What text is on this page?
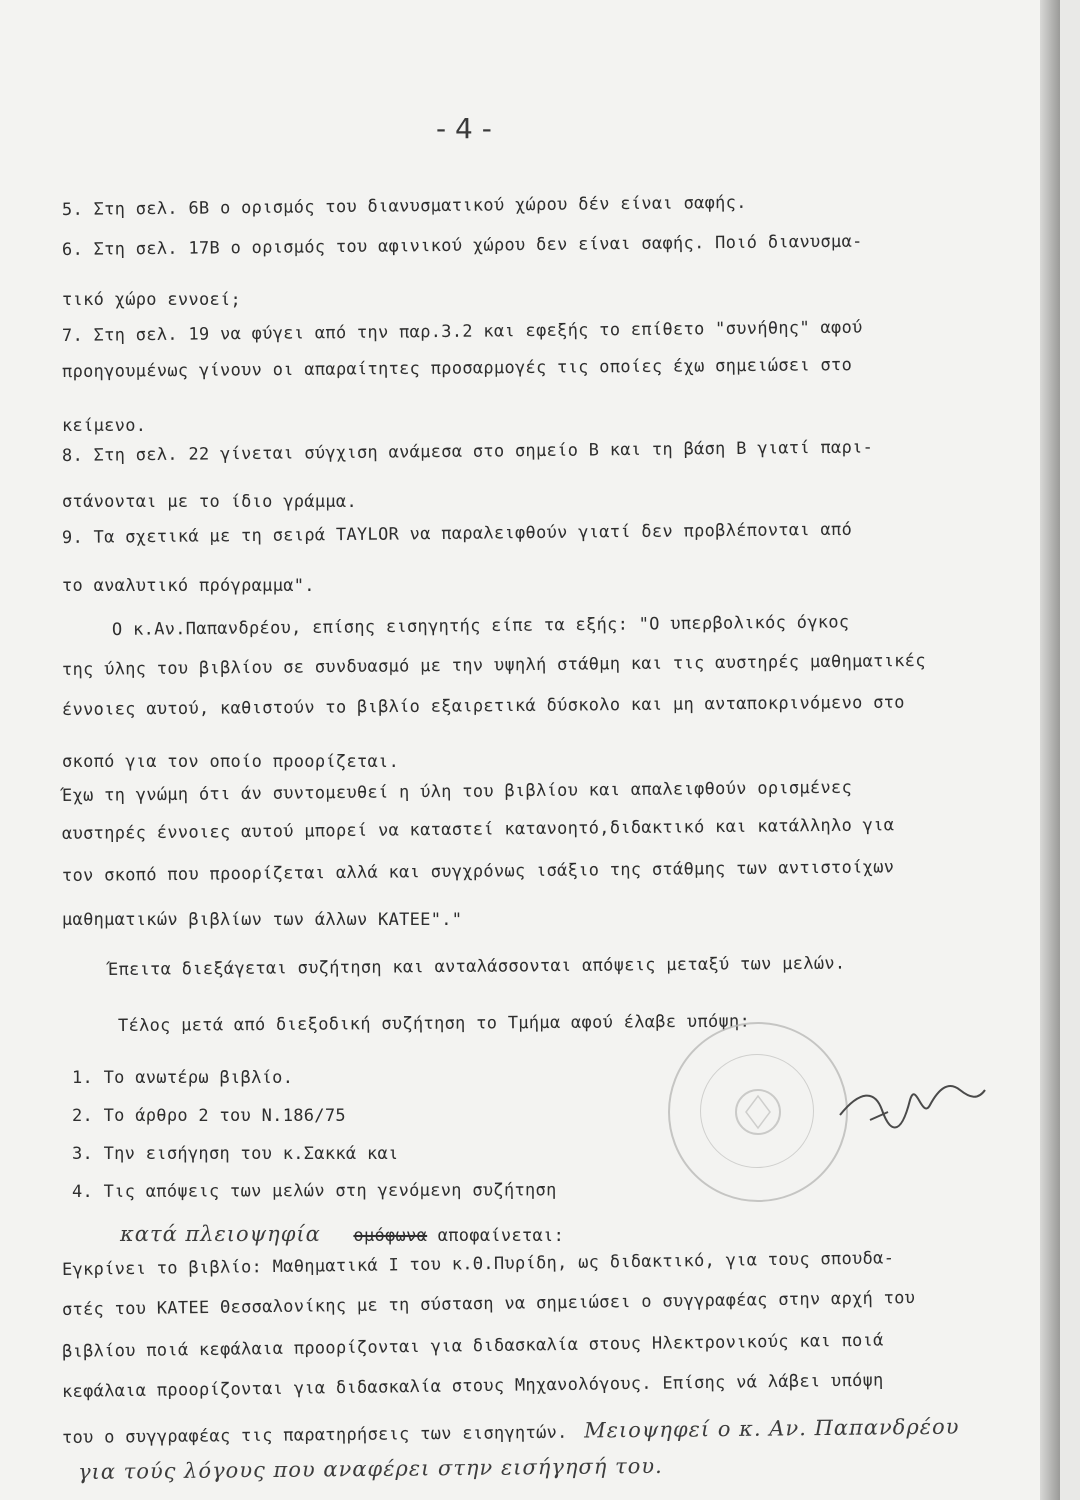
- 4 -
5. Στη σελ. 6Β ο ορισμός του διανυσματικού χώρου δέν είναι σαφής.
6. Στη σελ. 17Β ο ορισμός του αφινικού χώρου δεν είναι σαφής. Ποιό διανυσμα-
τικό χώρο εννοεί;
7. Στη σελ. 19 να φύγει από την παρ.3.2 και εφεξής το επίθετο "συνήθης" αφού
προηγουμένως γίνουν οι απαραίτητες προσαρμογές τις οποίες έχω σημειώσει στο
κείμενο.
8. Στη σελ. 22 γίνεται σύγχιση ανάμεσα στο σημείο Β και τη βάση Β γιατί παρι-
στάνονται με το ίδιο γράμμα.
9. Τα σχετικά με τη σειρά TAYLOR να παραλειφθούν γιατί δεν προβλέπονται από
το αναλυτικό πρόγραμμα".
Ο κ.Αν.Παπανδρέου, επίσης εισηγητής είπε τα εξής: "Ο υπερβολικός όγκος
της ύλης του βιβλίου σε συνδυασμό με την υψηλή στάθμη και τις αυστηρές μαθηματικές
έννοιες αυτού, καθιστούν το βιβλίο εξαιρετικά δύσκολο και μη ανταποκρινόμενο στο
σκοπό για τον οποίο προορίζεται.
Έχω τη γνώμη ότι άν συντομευθεί η ύλη του βιβλίου και απαλειφθούν ορισμένες
αυστηρές έννοιες αυτού μπορεί να καταστεί κατανοητό,διδακτικό και κατάλληλο για
τον σκοπό που προορίζεται αλλά και συγχρόνως ισάξιο της στάθμης των αντιστοίχων
μαθηματικών βιβλίων των άλλων ΚΑΤΕΕ"."
Έπειτα διεξάγεται συζήτηση και ανταλάσσονται απόψεις μεταξύ των μελών.
Τέλος μετά από διεξοδική συζήτηση το Τμήμα αφού έλαβε υπόψη:
1. Το ανωτέρω βιβλίο.
2. Το άρθρο 2 του Ν.186/75
3. Την εισήγηση του κ.Σακκά και
4. Τις απόψεις των μελών στη γενόμενη συζήτηση
κατά πλειοψηφία ομόφωνα αποφαίνεται:
Εγκρίνει το βιβλίο: Μαθηματικά Ι του κ.Θ.Πυρίδη, ως διδακτικό, για τους σπουδα-
στές του ΚΑΤΕΕ Θεσσαλονίκης με τη σύσταση να σημειώσει ο συγγραφέας στην αρχή του
βιβλίου ποιά κεφάλαια προορίζονται για διδασκαλία στους Ηλεκτρονικούς και ποιά
κεφάλαια προορίζονται για διδασκαλία στους Μηχανολόγους. Επίσης νά λάβει υπόψη
του ο συγγραφέας τις παρατηρήσεις των εισηγητών. Μειοψηφεί ο κ. Αν. Παπανδρέου
για τούς λόγους που αναφέρει στην εισήγησή του.
